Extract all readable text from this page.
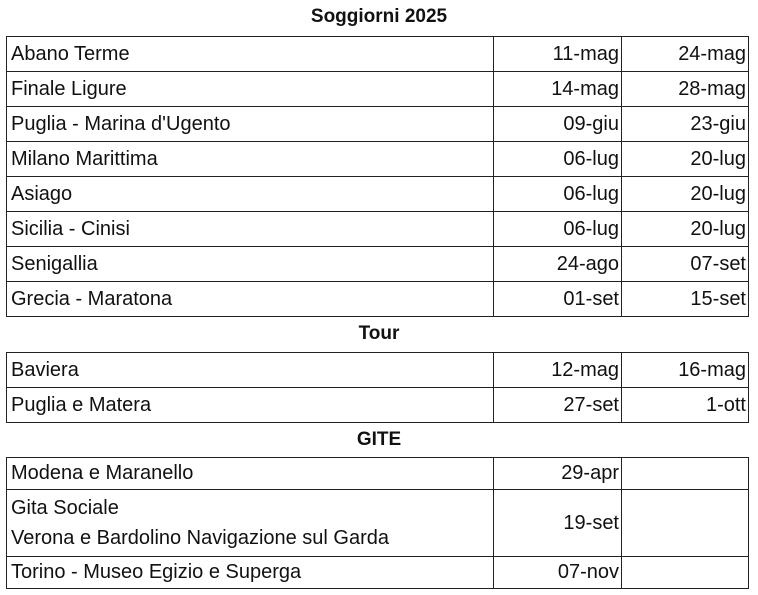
Soggiorni 2025
Abano Terme	11-mag	24-mag
Finale Ligure	14-mag	28-mag
Puglia - Marina d'Ugento	09-giu	23-giu
Milano Marittima	06-lug	20-lug
Asiago	06-lug	20-lug
Sicilia - Cinisi	06-lug	20-lug
Senigallia	24-ago	07-set
Grecia - Maratona	01-set	15-set
Tour
Baviera	12-mag	16-mag
Puglia e Matera	27-set	1-ott
GITE
Modena e Maranello	29-apr	

Gita Sociale
Verona e Bardolino Navigazione sul Garda	19-set	
Torino - Museo Egizio e Superga	07-nov	
